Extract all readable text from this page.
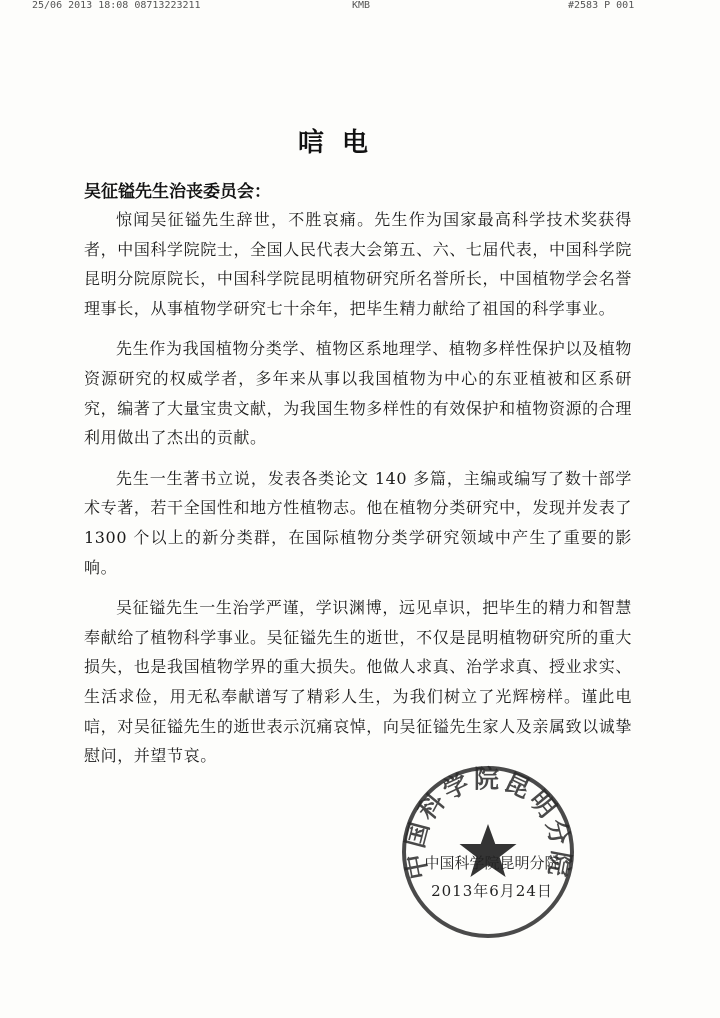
25/06 2013 18:08 08713223211	KMB	#2583 P 001
唁电
吴征镒先生治丧委员会：

惊闻吴征镒先生辞世，不胜哀痛。先生作为国家最高科学技术奖获得者，中国科学院院士，全国人民代表大会第五、六、七届代表，中国科学院昆明分院原院长，中国科学院昆明植物研究所名誉所长，中国植物学会名誉理事长，从事植物学研究七十余年，把毕生精力献给了祖国的科学事业。

先生作为我国植物分类学、植物区系地理学、植物多样性保护以及植物资源研究的权威学者，多年来从事以我国植物为中心的东亚植被和区系研究，编著了大量宝贵文献，为我国生物多样性的有效保护和植物资源的合理利用做出了杰出的贡献。

先生一生著书立说，发表各类论文 140 多篇，主编或编写了数十部学术专著，若干全国性和地方性植物志。他在植物分类研究中，发现并发表了 1300 个以上的新分类群，在国际植物分类学研究领域中产生了重要的影响。

吴征镒先生一生治学严谨，学识渊博，远见卓识，把毕生的精力和智慧奉献给了植物科学事业。吴征镒先生的逝世，不仅是昆明植物研究所的重大损失，也是我国植物学界的重大损失。他做人求真、治学求真、授业求实、生活求俭，用无私奉献谱写了精彩人生，为我们树立了光辉榜样。谨此电唁，对吴征镒先生的逝世表示沉痛哀悼，向吴征镒先生家人及亲属致以诚挚慰问，并望节哀。

中国科学院昆明分院
中国科学院昆明分院
2013年6月24日
